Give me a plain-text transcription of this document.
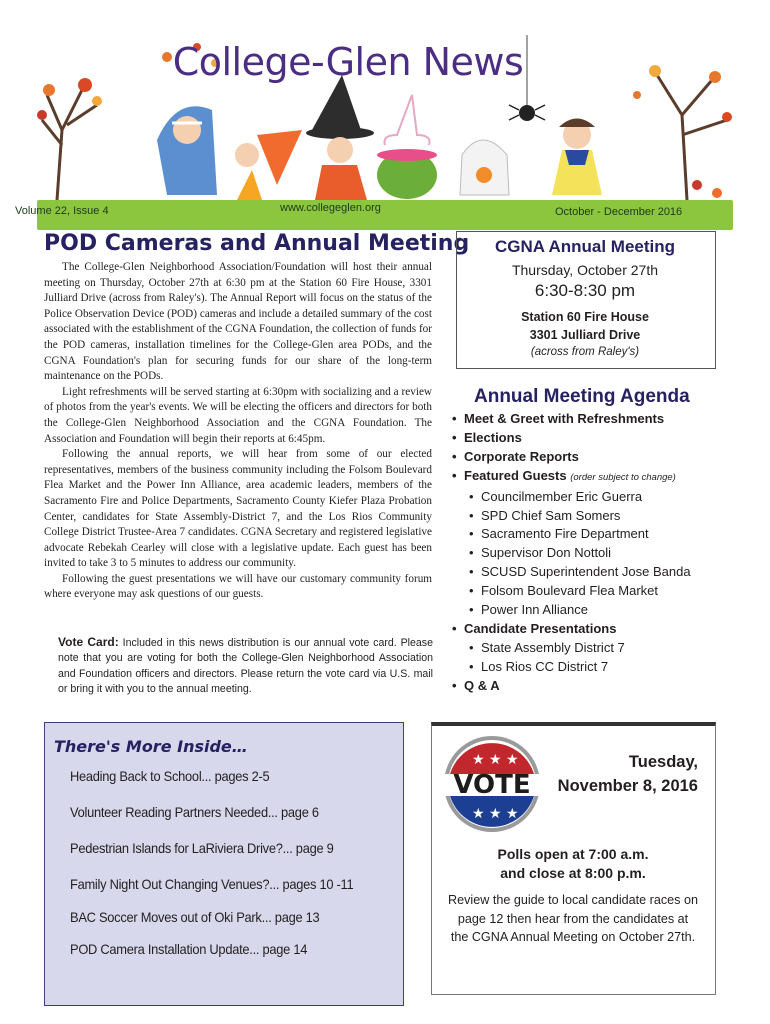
College-Glen News
Volume 22, Issue 4	www.collegeglen.org	October - December 2016
POD Cameras and Annual Meeting

The College-Glen Neighborhood Association/Foundation will host their annual meeting on Thursday, October 27th at 6:30 pm at the Station 60 Fire House, 3301 Julliard Drive (across from Raley's). The Annual Report will focus on the status of the Police Observation Device (POD) cameras and include a detailed summary of the cost associated with the establishment of the CGNA Foundation, the collection of funds for the POD cameras, installation timelines for the College-Glen area PODs, and the CGNA Foundation's plan for securing funds for our share of the long-term maintenance on the PODs.

Light refreshments will be served starting at 6:30pm with socializing and a review of photos from the year's events. We will be electing the officers and directors for both the College-Glen Neighborhood Association and the CGNA Foundation. The Association and Foundation will begin their reports at 6:45pm.

Following the annual reports, we will hear from some of our elected representatives, members of the business community including the Folsom Boulevard Flea Market and the Power Inn Alliance, area academic leaders, members of the Sacramento Fire and Police Departments, Sacramento County Kiefer Plaza Probation Center, candidates for State Assembly-District 7, and the Los Rios Community College District Trustee-Area 7 candidates. CGNA Secretary and registered legislative advocate Rebekah Cearley will close with a legislative update. Each guest has been invited to take 3 to 5 minutes to address our community.

Following the guest presentations we will have our customary community forum where everyone may ask questions of our guests.

Vote Card: Included in this news distribution is our annual vote card. Please note that you are voting for both the College-Glen Neighborhood Association and Foundation officers and directors. Please return the vote card via U.S. mail or bring it with you to the annual meeting.
CGNA Annual Meeting
Thursday, October 27th
6:30-8:30 pm
Station 60 Fire House
3301 Julliard Drive
(across from Raley's)
Annual Meeting Agenda
• Meet & Greet with Refreshments
• Elections
• Corporate Reports
• Featured Guests (order subject to change)
• Councilmember Eric Guerra
• SPD Chief Sam Somers
• Sacramento Fire Department
• Supervisor Don Nottoli
• SCUSD Superintendent Jose Banda
• Folsom Boulevard Flea Market
• Power Inn Alliance
• Candidate Presentations
• State Assembly District 7
• Los Rios CC District 7
• Q & A
There's More Inside…
Heading Back to School... pages 2-5
Volunteer Reading Partners Needed... page 6
Pedestrian Islands for LaRiviera Drive?... page 9
Family Night Out Changing Venues?... pages 10 -11
BAC Soccer Moves out of Oki Park... page 13
POD Camera Installation Update... page 14
★ ★ ★
★ ★ ★
VOTE
Tuesday,
November 8, 2016
Polls open at 7:00 a.m.
and close at 8:00 p.m.
Review the guide to local candidate races on page 12 then hear from the candidates at the CGNA Annual Meeting on October 27th.
